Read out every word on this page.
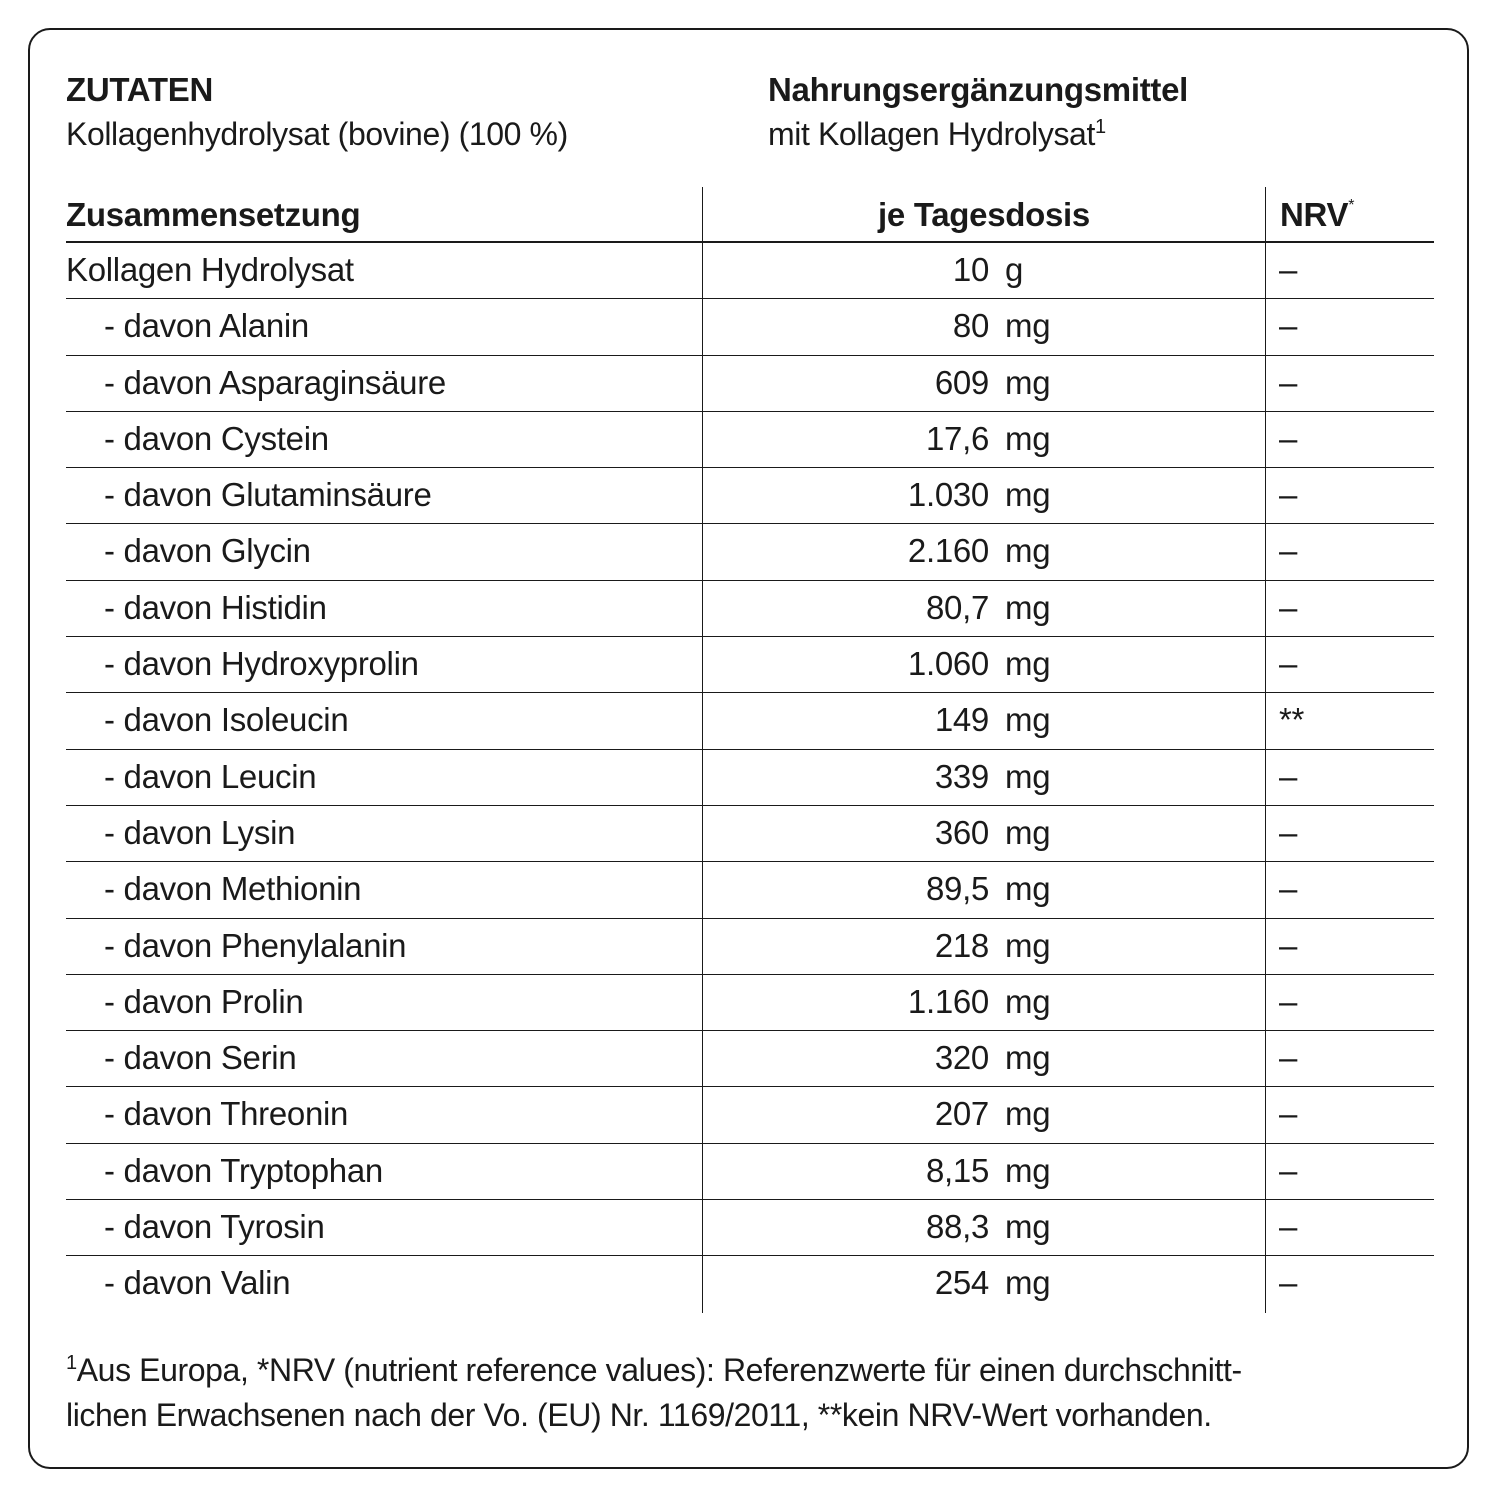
ZUTATEN
Kollagenhydrolysat (bovine) (100 %)
Nahrungsergänzungsmittel
mit Kollagen Hydrolysat$^1$
Zusammensetzung	je Tagesdosis	NRV*
Kollagen Hydrolysat	10 g	–
- davon Alanin	80 mg	–
- davon Asparaginsäure	609 mg	–
- davon Cystein	17,6 mg	–
- davon Glutaminsäure	1.030 mg	–
- davon Glycin	2.160 mg	–
- davon Histidin	80,7 mg	–
- davon Hydroxyprolin	1.060 mg	–
- davon Isoleucin	149 mg	**
- davon Leucin	339 mg	–
- davon Lysin	360 mg	–
- davon Methionin	89,5 mg	–
- davon Phenylalanin	218 mg	–
- davon Prolin	1.160 mg	–
- davon Serin	320 mg	–
- davon Threonin	207 mg	–
- davon Tryptophan	8,15 mg	–
- davon Tyrosin	88,3 mg	–
- davon Valin	254 mg	–
$^1$Aus Europa, *NRV (nutrient reference values): Referenzwerte für einen durchschnitt-
lichen Erwachsenen nach der Vo. (EU) Nr. 1169/2011, **kein NRV-Wert vorhanden.
